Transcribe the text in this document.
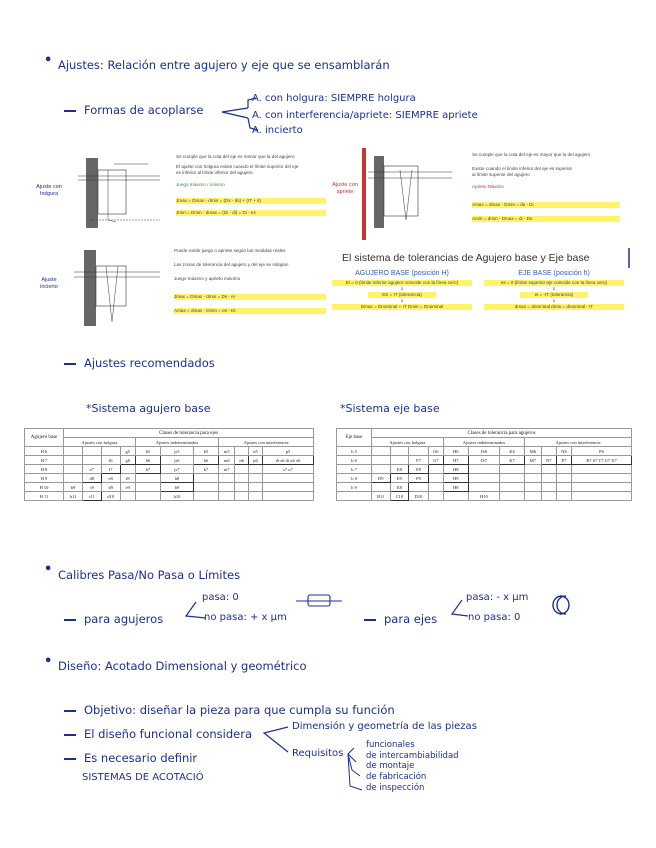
• Ajustes: Relación entre agujero y eje que se ensamblarán
Formas de acoplarse
A. con holgura: SIEMPRE holgura
A. con interferencia/apriete: SIEMPRE apriete
A. incierto
Ajuste con holgura
Ajuste con apriete
Ajuste incierto
Se cumple que la cota del eje es menor que la del agujero
El ajuste con holgura existe cuando el límite superior del eje
es inferior al límite inferior del agujero
Juego máximo / mínimo
Jmax = Dmax - dmin = (Ds - ds) + (IT + it)
Jmin = Dmin - dmax = (Di - di) = Di - es
Se cumple que la cota del eje es mayor que la del agujero
Existe cuando el límite inferior del eje es superior
al límite superior del agujero
Aprieto Máximo
Amax = dmax - Dmin = ds - Di
Amin = dmin - Dmax = di - Ds
Puede existir juego o apriete según las medidas reales
Las zonas de tolerancia del agujero y del eje se solapan
Juego máximo y aprieto máximo
Jmax = Dmax - dmin = Ds - ei
Amax = dmax - Dmin = es - Di
El sistema de tolerancias de Agujero base y Eje base
AGUJERO BASE (posición H)
Ei = 0 (límite inferior agujero coincide con la línea cero)
⇓
ES = IT (tolerancia)
⇓
Dmax = Dnominal + IT Dmin = Dnominal
EJE BASE (posición h)
es = 0 (límite superior eje coincide con la línea cero)
⇓
ei = -IT (tolerancia)
⇓
dmax = dnominal dmin = dnominal - IT
Ajustes recomendados
*Sistema agujero base	*Sistema eje base
Agujero base	Clases de tolerancia para ejes										
	Ajustes con holgura				Ajustes indeterminados			Ajustes con interferencia			
H 6				g5	h5	js5	k5	m5		n5	p5
H 7			f6	g6	h6	js6	k6	m6	n6	p6	r6 s6 t6 u6 x6
H 8		e7	f7		h7	js7	k7	m7			s7 u7
H 9		d8	e8	f8		h8					
H 10	b9	c9	d9	e9		h9					
H 11	b11	c11	d10			h10					
Eje base	Clases de tolerancia para agujeros										
	Ajustes con holgura				Ajustes indeterminados			Ajustes con interferencia			
h 5				G6	H6	JS6	K6	M6		N6	P6
h 6			F7	G7	H7	JS7	K7	M7	N7	P7	R7 S7 T7 U7 X7
h 7		E8	F8		H8						
h 8	D9	E9	F9		H9						
h 9		E8			H8						
	B11	C10	D10			H10					
• Calibres Pasa/No Pasa o Límites
para agujeros
pasa: 0
no pasa: + x μm	para ejes
pasa: - x μm
no pasa: 0
• Diseño: Acotado Dimensional y geométrico
Objetivo: diseñar la pieza para que cumpla su función
El diseño funcional considera
Dimensión y geometría de las piezas
Requisitos
funcionales
de intercambiabilidad
de montaje
de fabricación
de inspección
Es necesario definir
SISTEMAS DE ACOTACIÓ
